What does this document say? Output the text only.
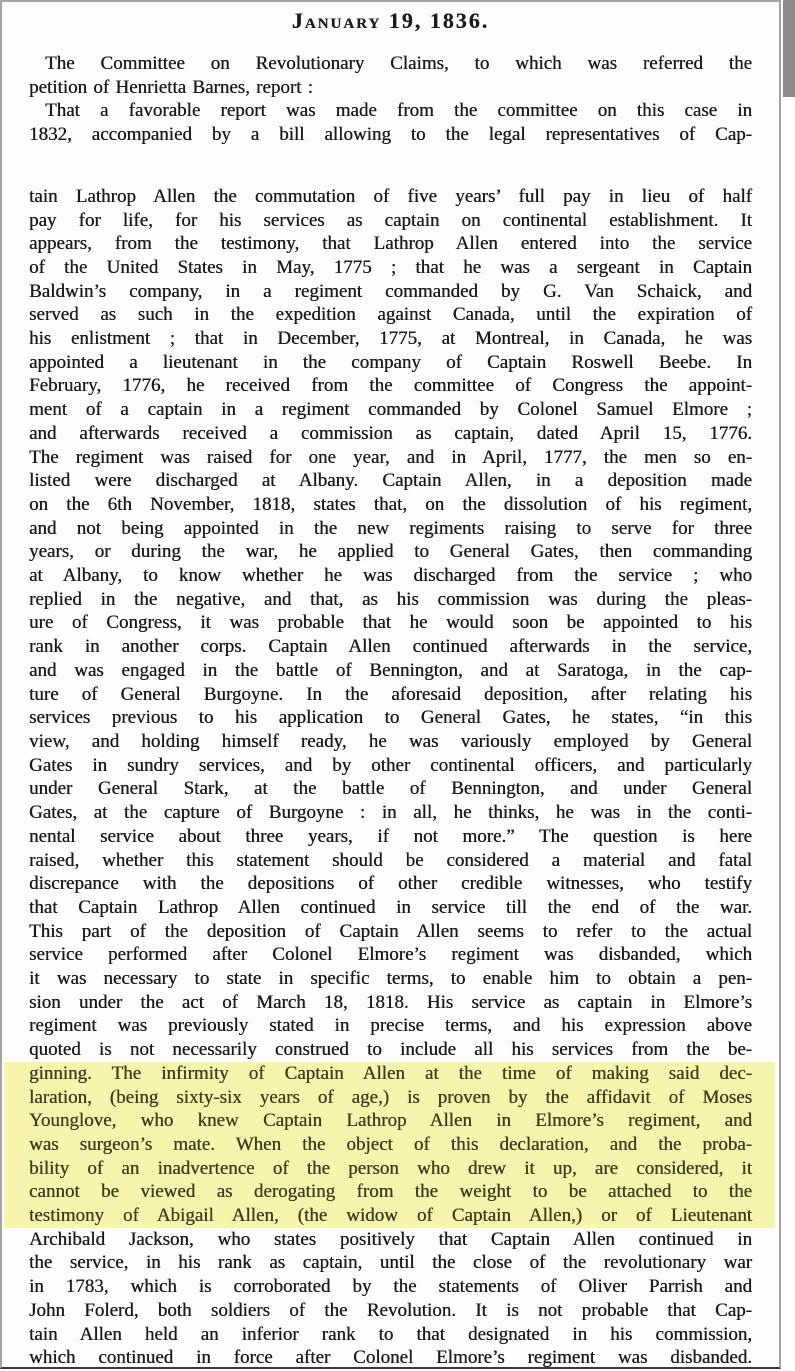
January 19, 1836.
The Committee on Revolutionary Claims, to which was referred the
petition of Henrietta Barnes, report :
That a favorable report was made from the committee on this case in
1832, accompanied by a bill allowing to the legal representatives of Cap-
tain Lathrop Allen the commutation of five years’ full pay in lieu of half
pay for life, for his services as captain on continental establishment. It
appears, from the testimony, that Lathrop Allen entered into the service
of the United States in May, 1775 ; that he was a sergeant in Captain
Baldwin’s company, in a regiment commanded by G. Van Schaick, and
served as such in the expedition against Canada, until the expiration of
his enlistment ; that in December, 1775, at Montreal, in Canada, he was
appointed a lieutenant in the company of Captain Roswell Beebe. In
February, 1776, he received from the committee of Congress the appoint-
ment of a captain in a regiment commanded by Colonel Samuel Elmore ;
and afterwards received a commission as captain, dated April 15, 1776.
The regiment was raised for one year, and in April, 1777, the men so en-
listed were discharged at Albany. Captain Allen, in a deposition made
on the 6th November, 1818, states that, on the dissolution of his regiment,
and not being appointed in the new regiments raising to serve for three
years, or during the war, he applied to General Gates, then commanding
at Albany, to know whether he was discharged from the service ; who
replied in the negative, and that, as his commission was during the pleas-
ure of Congress, it was probable that he would soon be appointed to his
rank in another corps. Captain Allen continued afterwards in the service,
and was engaged in the battle of Bennington, and at Saratoga, in the cap-
ture of General Burgoyne. In the aforesaid deposition, after relating his
services previous to his application to General Gates, he states, “in this
view, and holding himself ready, he was variously employed by General
Gates in sundry services, and by other continental officers, and particularly
under General Stark, at the battle of Bennington, and under General
Gates, at the capture of Burgoyne : in all, he thinks, he was in the conti-
nental service about three years, if not more.” The question is here
raised, whether this statement should be considered a material and fatal
discrepance with the depositions of other credible witnesses, who testify
that Captain Lathrop Allen continued in service till the end of the war.
This part of the deposition of Captain Allen seems to refer to the actual
service performed after Colonel Elmore’s regiment was disbanded, which
it was necessary to state in specific terms, to enable him to obtain a pen-
sion under the act of March 18, 1818. His service as captain in Elmore’s
regiment was previously stated in precise terms, and his expression above
quoted is not necessarily construed to include all his services from the be-
ginning. The infirmity of Captain Allen at the time of making said dec-
laration, (being sixty-six years of age,) is proven by the affidavit of Moses
Younglove, who knew Captain Lathrop Allen in Elmore’s regiment, and
was surgeon’s mate. When the object of this declaration, and the proba-
bility of an inadvertence of the person who drew it up, are considered, it
cannot be viewed as derogating from the weight to be attached to the
testimony of Abigail Allen, (the widow of Captain Allen,) or of Lieutenant
Archibald Jackson, who states positively that Captain Allen continued in
the service, in his rank as captain, until the close of the revolutionary war
in 1783, which is corroborated by the statements of Oliver Parrish and
John Folerd, both soldiers of the Revolution. It is not probable that Cap-
tain Allen held an inferior rank to that designated in his commission,
which continued in force after Colonel Elmore’s regiment was disbanded.
